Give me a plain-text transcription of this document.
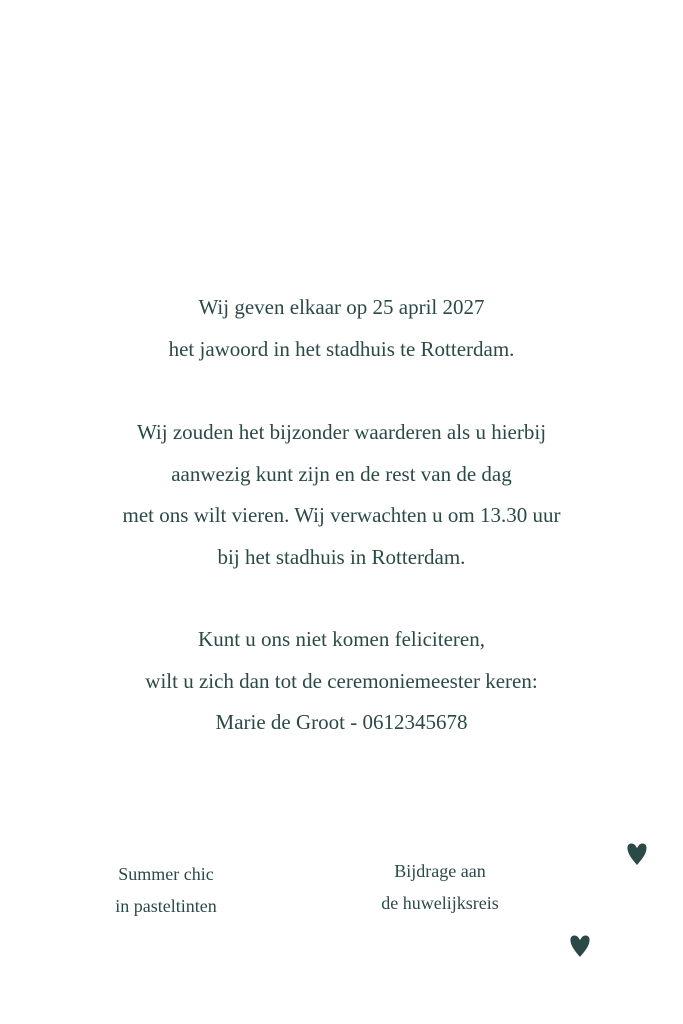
Wij geven elkaar op 25 april 2027
het jawoord in het stadhuis te Rotterdam.
Wij zouden het bijzonder waarderen als u hierbij
aanwezig kunt zijn en de rest van de dag
met ons wilt vieren. Wij verwachten u om 13.30 uur
bij het stadhuis in Rotterdam.
Kunt u ons niet komen feliciteren,
wilt u zich dan tot de ceremoniemeester keren:
Marie de Groot - 0612345678
Summer chic
in pasteltinten
Bijdrage aan
de huwelijksreis
